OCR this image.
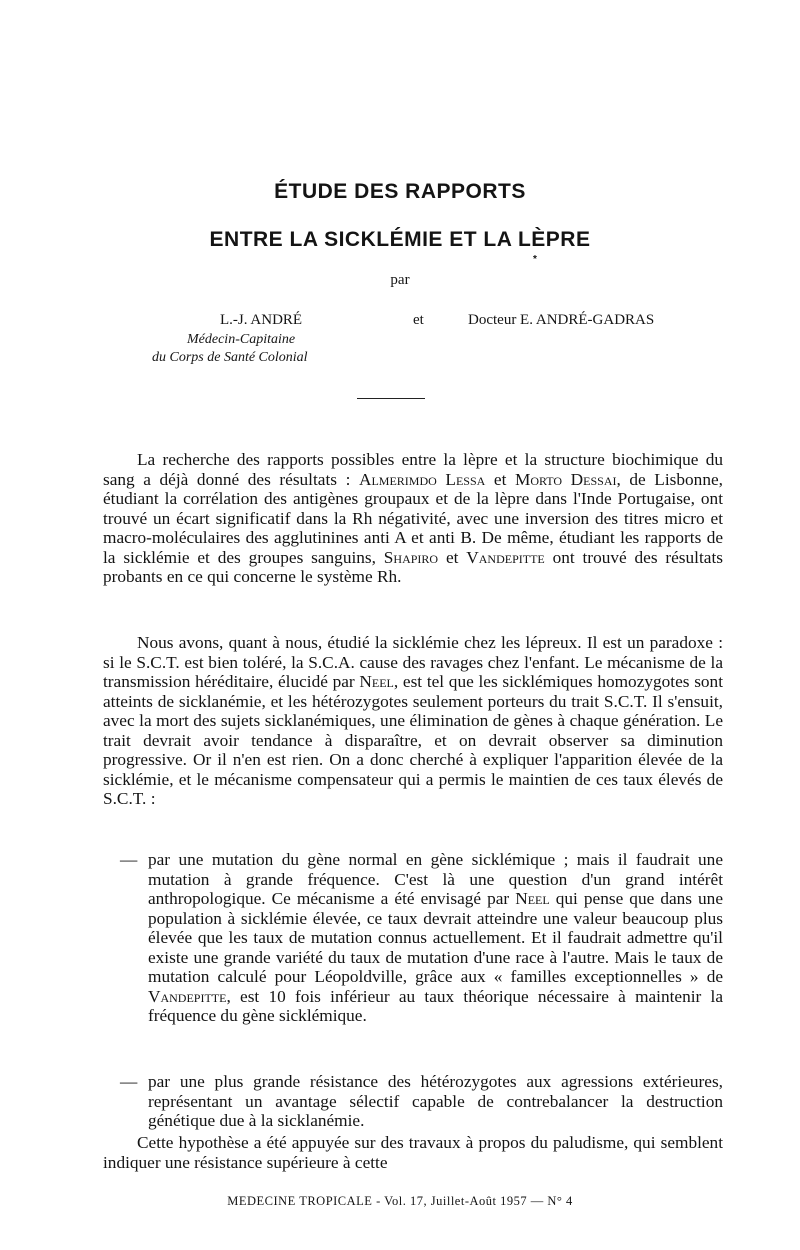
ÉTUDE DES RAPPORTS
ENTRE LA SICKLÉMIE ET LA LÈPRE
*
par
L.-J. ANDRÉ	et	Docteur E. ANDRÉ-GADRAS
Médecin-Capitaine
du Corps de Santé Colonial

La recherche des rapports possibles entre la lèpre et la structure biochimique du sang a déjà donné des résultats : Almerimdo Lessa et Morto Dessai, de Lisbonne, étudiant la corrélation des antigènes groupaux et de la lèpre dans l'Inde Portugaise, ont trouvé un écart significatif dans la Rh négativité, avec une inversion des titres micro et macro-moléculaires des agglutinines anti A et anti B. De même, étudiant les rapports de la sicklémie et des groupes sanguins, Shapiro et Vandepitte ont trouvé des résultats probants en ce qui concerne le système Rh.

Nous avons, quant à nous, étudié la sicklémie chez les lépreux. Il est un paradoxe : si le S.C.T. est bien toléré, la S.C.A. cause des ravages chez l'enfant. Le mécanisme de la transmission héréditaire, élucidé par Neel, est tel que les sicklémiques homozygotes sont atteints de sicklanémie, et les hétérozygotes seulement porteurs du trait S.C.T. Il s'ensuit, avec la mort des sujets sicklanémiques, une élimination de gènes à chaque génération. Le trait devrait avoir tendance à disparaître, et on devrait observer sa diminution progressive. Or il n'en est rien. On a donc cherché à expliquer l'apparition élevée de la sicklémie, et le mécanisme compensateur qui a permis le maintien de ces taux élevés de S.C.T. :

— par une mutation du gène normal en gène sicklémique ; mais il faudrait une mutation à grande fréquence. C'est là une question d'un grand intérêt anthropologique. Ce mécanisme a été envisagé par Neel qui pense que dans une population à sicklémie élevée, ce taux devrait atteindre une valeur beaucoup plus élevée que les taux de mutation connus actuellement. Et il faudrait admettre qu'il existe une grande variété du taux de mutation d'une race à l'autre. Mais le taux de mutation calculé pour Léopoldville, grâce aux « familles exceptionnelles » de Vandepitte, est 10 fois inférieur au taux théorique nécessaire à maintenir la fréquence du gène sicklémique.

— par une plus grande résistance des hétérozygotes aux agressions extérieures, représentant un avantage sélectif capable de contrebalancer la destruction génétique due à la sicklanémie.

Cette hypothèse a été appuyée sur des travaux à propos du paludisme, qui semblent indiquer une résistance supérieure à cette

MEDECINE TROPICALE - Vol. 17, Juillet-Août 1957 — N° 4
